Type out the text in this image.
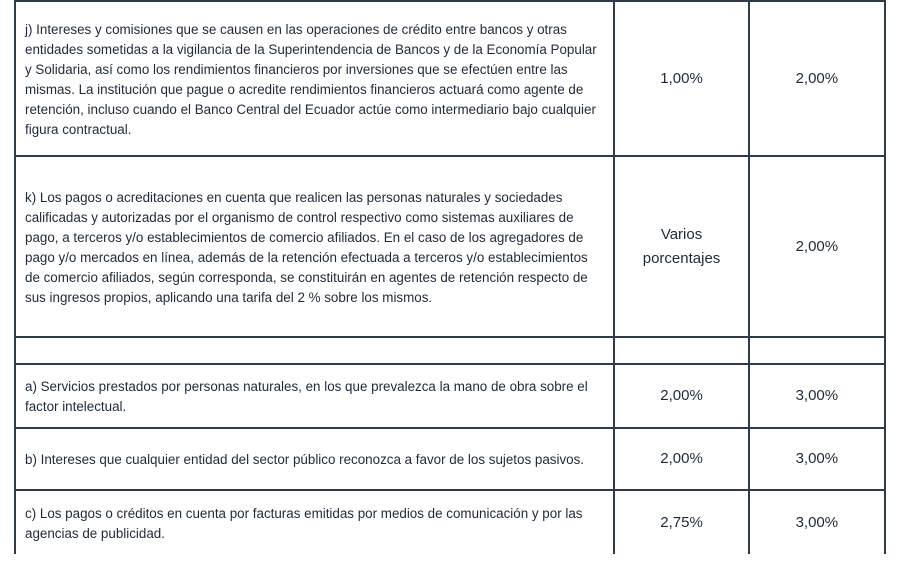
j) Intereses y comisiones que se causen en las operaciones de crédito entre bancos y otras entidades sometidas a la vigilancia de la Superintendencia de Bancos y de la Economía Popular y Solidaria, así como los rendimientos financieros por inversiones que se efectúen entre las mismas. La institución que pague o acredite rendimientos financieros actuará como agente de retención, incluso cuando el Banco Central del Ecuador actúe como intermediario bajo cualquier figura contractual.	1,00%	2,00%
k) Los pagos o acreditaciones en cuenta que realicen las personas naturales y sociedades calificadas y autorizadas por el organismo de control respectivo como sistemas auxiliares de pago, a terceros y/o establecimientos de comercio afiliados. En el caso de los agregadores de pago y/o mercados en línea, además de la retención efectuada a terceros y/o establecimientos de comercio afiliados, según corresponda, se constituirán en agentes de retención respecto de sus ingresos propios, aplicando una tarifa del 2 % sobre los mismos.	Varios porcentajes	2,00%

a) Servicios prestados por personas naturales, en los que prevalezca la mano de obra sobre el factor intelectual.	2,00%	3,00%
b) Intereses que cualquier entidad del sector público reconozca a favor de los sujetos pasivos.	2,00%	3,00%
c) Los pagos o créditos en cuenta por facturas emitidas por medios de comunicación y por las agencias de publicidad.	2,75%	3,00%
